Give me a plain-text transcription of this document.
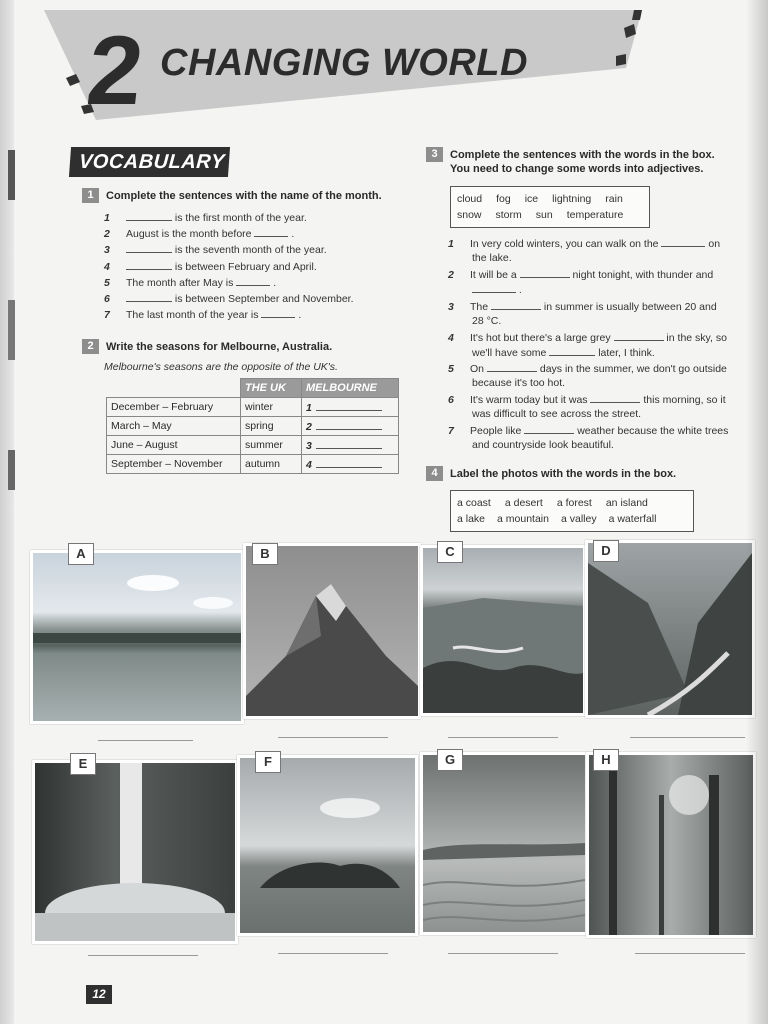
2 CHANGING WORLD
VOCABULARY
1 Complete the sentences with the name of the month.
1	is the first month of the year.
2 August is the month before	.
3	is the seventh month of the year.
4	is between February and April.
5 The month after May is	.
6	is between September and November.
7 The last month of the year is	.
2 Write the seasons for Melbourne, Australia.
Melbourne's seasons are the opposite of the UK's.
	THE UK	MELBOURNE
December – February	winter	1
March – May	spring	2
June – August	summer	3
September – November	autumn	4
3 Complete the sentences with the words in the box.
You need to change some words into adjectives.
cloud fog ice lightning rain
snow storm sun temperature
1 In very cold winters, you can walk on the	on
the lake.
2 It will be a	night tonight, with thunder and
.
3 The	in summer is usually between 20 and
28 °C.
4 It's hot but there's a large grey	in the sky, so
we'll have some	later, I think.
5 On	days in the summer, we don't go outside
because it's too hot.
6 It's warm today but it was	this morning, so it
was difficult to see across the street.
7 People like	weather because the white trees
and countryside look beautiful.
4 Label the photos with the words in the box.
a coast a desert a forest an island
a lake a mountain a valley a waterfall
A	B	C	D
E	F	G	H
12
